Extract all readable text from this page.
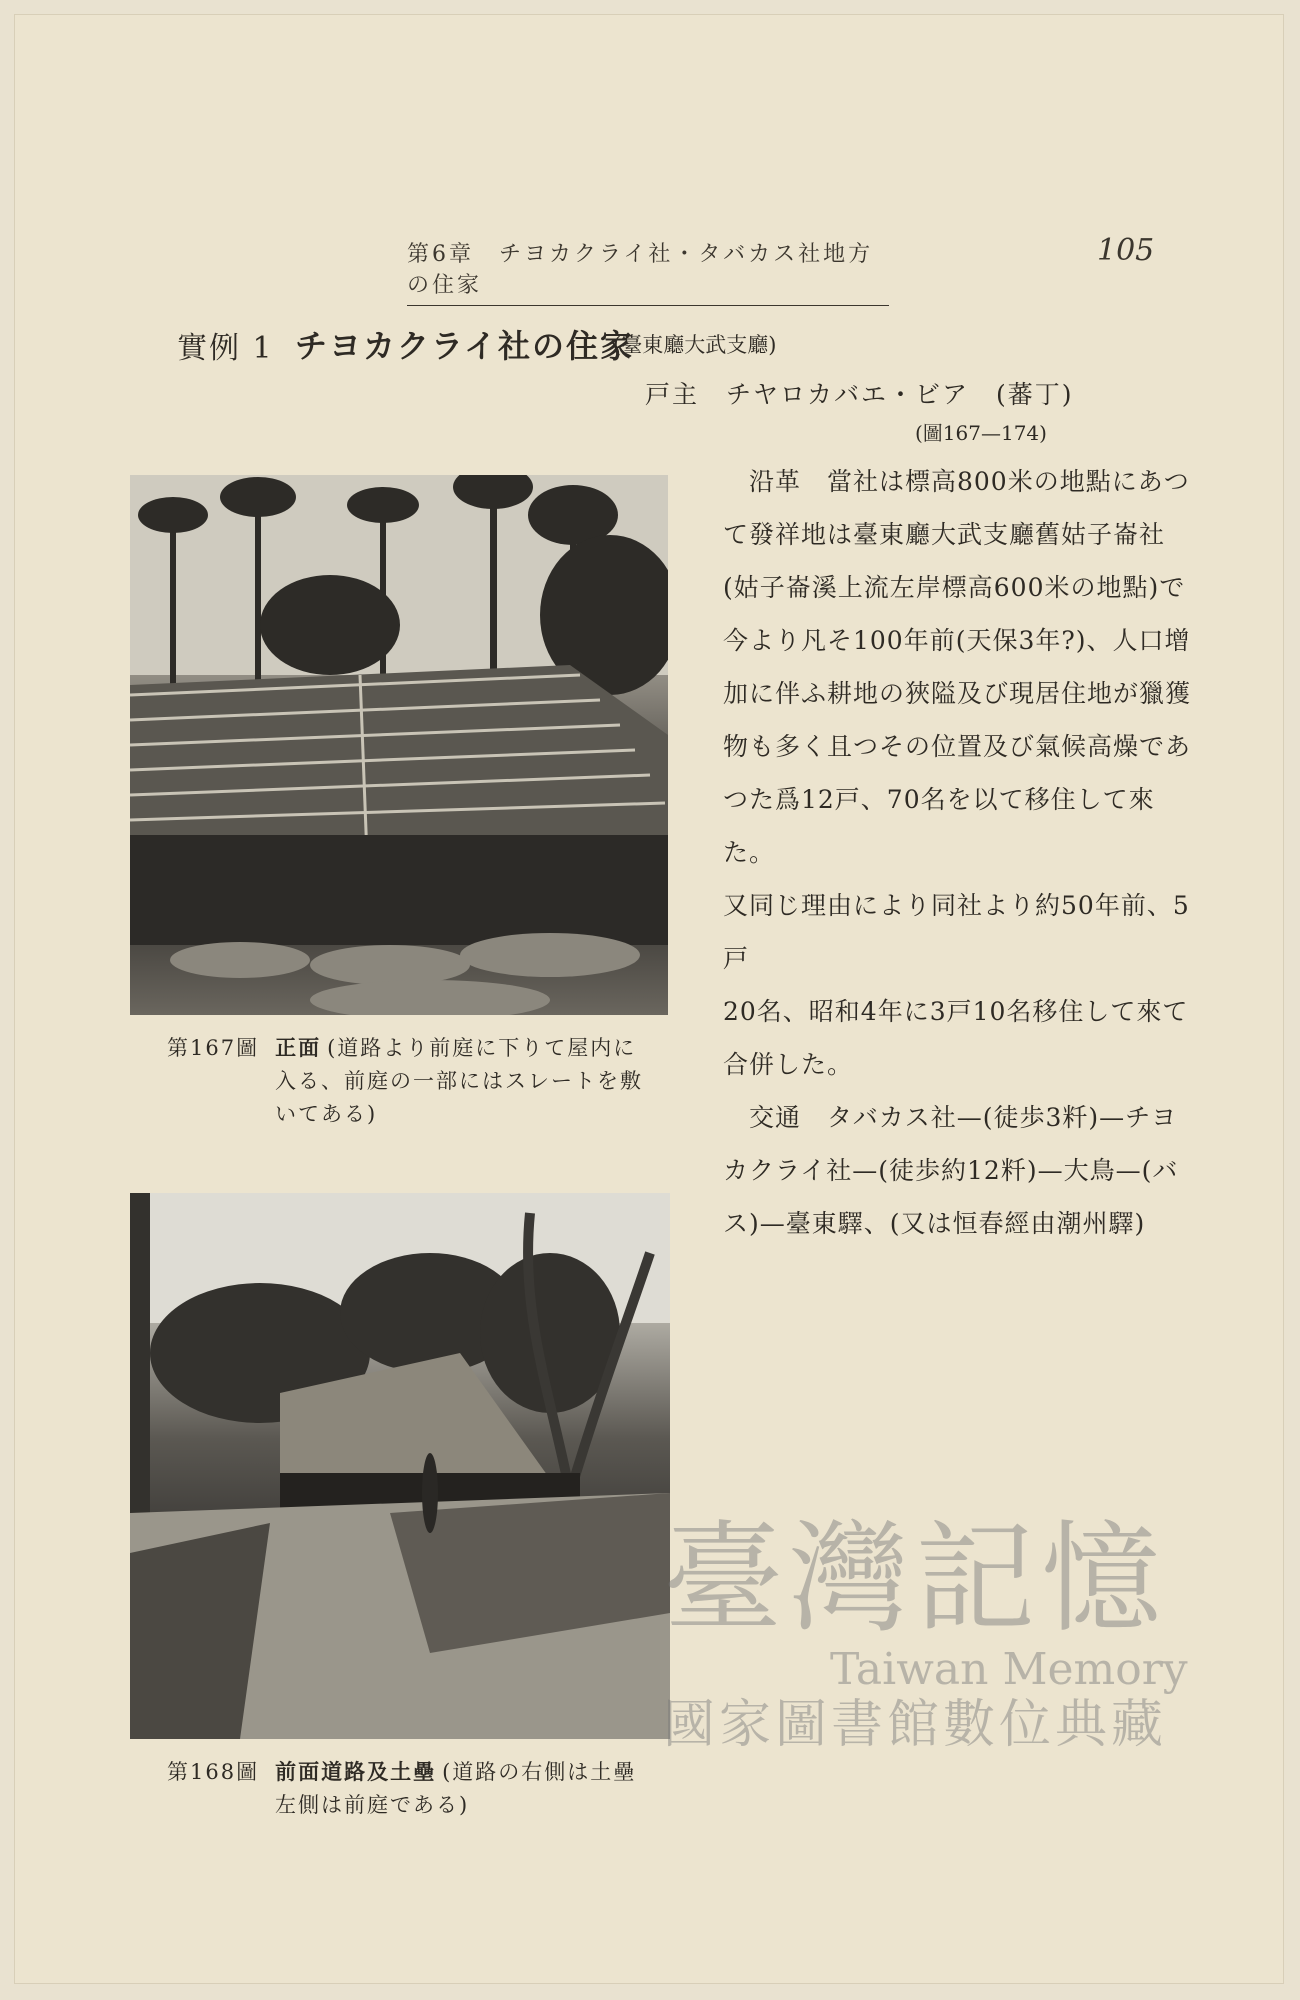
第6章　チヨカクライ社・タバカス社地方の住家
105
實例 1 チヨカクライ社の住家
(臺東廳大武支廳)
戸主　チヤロカバエ・ビア　(蕃丁)
(圖167—174)
第167圖 正面 (道路より前庭に下りて屋内に
入る、前庭の一部にはスレートを敷
いてある)
第168圖 前面道路及土壘 (道路の右側は土壘
左側は前庭である)

　沿革　當社は標高800米の地點にあつ

て發祥地は臺東廳大武支廳舊姑子崙社

(姑子崙溪上流左岸標高600米の地點)で

今より凡そ100年前(天保3年?)、人口增

加に伴ふ耕地の狹隘及び現居住地が獵獲

物も多く且つその位置及び氣候高燥であ

つた爲12戸、70名を以て移住して來た。

又同じ理由により同社より約50年前、5戸

20名、昭和4年に3戸10名移住して來て

合併した。

　交通　タバカス社—(徒歩3粁)—チヨ

カクライ社—(徒歩約12粁)—大鳥—(バ

ス)—臺東驛、(又は恒春經由潮州驛)

臺灣記憶
Taiwan Memory
國家圖書館數位典藏
